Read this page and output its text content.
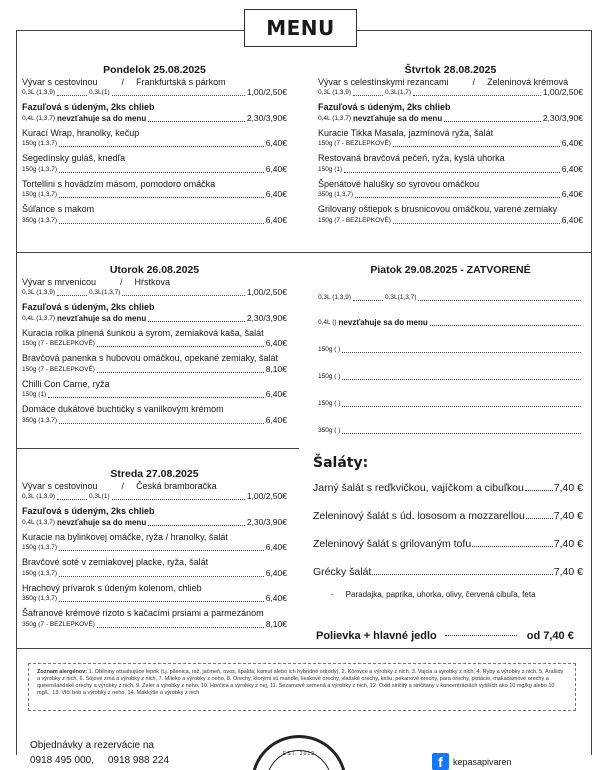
MENU
Pondelok 25.08.2025
Vývar s cestovinou	/ Frankfurtská s párkom
0,3L (1,3,9)	0,3L(1)	1,00/2,50€
Fazuľová s údeným, 2ks chlieb
0,4L (1,3,7) nevzťahuje sa do menu	2,30/3,90€
Kurací Wrap, hranolky, kečup
150g (1,3,7)	6,40€
Segedínsky guláš, knedľa
150g (1,3,7)	6,40€
Tortellini s hovädzím mäsom, pomodoro omáčka
150g (1,3,7)	6,40€
Šúľance s makom
350g (1,3,7)	6,40€
Štvrtok 28.08.2025
Vývar s celestínskymi rezancami	/ Zeleninová krémová
0,3L (1,3,9)	0,3L(1,7)	1,00/2,50€
Fazuľová s údeným, 2ks chlieb
0,4L (1,3,7) nevzťahuje sa do menu	2,30/3,90€
Kuracie Tikka Masala, jazmínová ryža, šalát
150g (7 - BEZLEPKOVÉ)	6,40€
Restovaná bravčová pečeň, ryža, kyslá uhorka
150g (1)	6,40€
Špenátové halušky so syrovou omáčkou
350g (1,3,7)	6,40€
Grilovaný oštiepok s brusnicovou omáčkou, varené zemiaky
150g (7 - BEZLEPKOVÉ)	6,40€
Utorok 26.08.2025
Vývar s mrvenicou	/ Hŕstkova
0,3L (1,3,9)	0,3L(1,3,7)	1,00/2,50€
Fazuľová s údeným, 2ks chlieb
0,4L (1,3,7) nevzťahuje sa do menu	2,30/3,90€
Kuracia rolka plnená šunkou a syrom, zemiaková kaša, šalát
150g (7 - BEZLEPKOVÉ)	6,40€
Bravčová panenka s hubovou omáčkou, opekané zemiaky, šalát
150g (7 - BEZLEPKOVÉ)	8,10€
Chilli Con Carne, ryža
150g (1)	6,40€
Domáce dukátové buchtičky s vanilkovým krémom
350g (1,3,7)	6,40€
Piatok 29.08.2025 - ZATVORENÉ
0,3L (1,3,9)	0,3L(1,3,7)
0,4L () nevzťahuje sa do menu
150g ( )
150g ( )
150g ( )
350g ( )
Streda 27.08.2025
Vývar s cestovinou	/ Česká bramboračka
0,3L (1,3,9)	0,3L(1)	1,00/2,50€
Fazuľová s údeným, 2ks chlieb
0,4L (1,3,7) nevzťahuje sa do menu	2,30/3,90€
Kuracie na bylinkovej omáčke, ryža / hranolky, šalát
150g (1,3,7)	6,40€
Bravčové soté v zemiakovej placke, ryža, šalát
150g (1,3,7)	6,40€
Hrachový prívarok s údeným kolenom, chlieb
350g (1,3,7)	6,40€
Šafranové krémové rizoto s kačacími prsiami a parmezánom
350g (7 - BEZLEPKOVÉ)	8,10€
Šaláty:
Jarný šalát s reďkvičkou, vajíčkom a cibuľkou	7,40 €
Zeleninový šalát s úd. lososom a mozzarellou	7,40 €
Zeleninový šalát s grilovaným tofu	7,40 €
Grécky šalát	7,40 €
- Paradajka, paprika, uhorka, olivy, červená cibuľa, feta
Polievka + hlavné jedlo	od 7,40 €
Zoznam alergénov: 1. Obilniny obsahujúce lepok (t.j. pšenica, raž, jačmeň, ovos, špalda, kamut alebo ich hybridné odrody), 2. Kôrovce a výrobky z nich, 3. Vajcia a výrobky z nich, 4. Ryby a výrobky z nich, 5. Arašidy a výrobky z nich, 6. Sójové zrná a výrobky z nich, 7. Mlieko a výrobky z neho, 8. Orechy, ktorými sú mandle, lieskové orechy, vlašské orechy, kešu, pekanové orechy, para orechy, pistácie, makadamové orechy a queenslandské orechy a výrobky z nich, 9. Zeler a výrobky z neho, 10. Horčica a výrobky z nej, 11. Sezamové semená a výrobky z nich, 12. Oxid siričitý a siričitany v koncentráciách vyšších ako 10 mg/kg alebo 10 mg/L, 13. Vlčí bob a výrobky z neho, 14. Mäkkýše a výrobky z nich
Objednávky a rezervácie na
0918 495 000, 0918 988 224
EST. 2012	f	kepasapivaren
